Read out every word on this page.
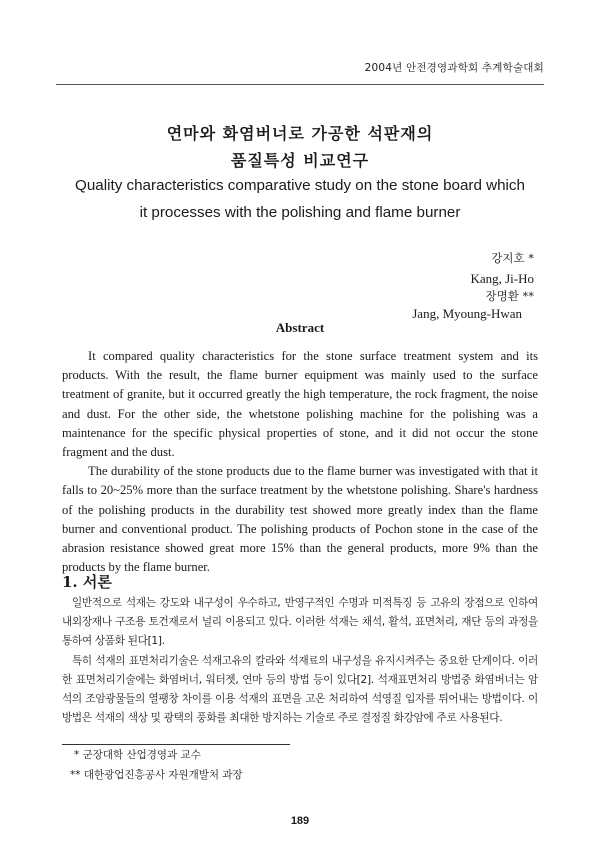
2004년 안전경영과학회 추계학술대회
연마와 화염버너로 가공한 석판재의
품질특성 비교연구
Quality characteristics comparative study on the stone board which it processes with the polishing and flame burner
강지호 *
Kang, Ji-Ho
장명환 **
Jang, Myoung-Hwan
Abstract

It compared quality characteristics for the stone surface treatment system and its products. With the result, the flame burner equipment was mainly used to the surface treatment of granite, but it occurred greatly the high temperature, the rock fragment, the noise and dust. For the other side, the whetstone polishing machine for the polishing was a maintenance for the specific physical properties of stone, and it did not occur the stone fragment and the dust.

The durability of the stone products due to the flame burner was investigated with that it falls to 20~25% more than the surface treatment by the whetstone polishing. Share's hardness of the polishing products in the durability test showed more greatly index than the flame burner and conventional product. The polishing products of Pochon stone in the case of the abrasion resistance showed great more 15% than the general products, more 9% than the products by the flame burner.

1. 서론

일반적으로 석재는 강도와 내구성이 우수하고, 반영구적인 수명과 미적특징 등 고유의 장점으로 인하여 내외장재나 구조용 토건재로서 널리 이용되고 있다. 이러한 석재는 채석, 활석, 표면처리, 재단 등의 과정을 통하여 상품화 된다[1].

특히 석재의 표면처리기술은 석재고유의 칼라와 석재료의 내구성을 유지시켜주는 중요한 단계이다. 이러한 표면처리기술에는 화염버너, 워터젯, 연마 등의 방법 등이 있다[2]. 석재표면처리 방법중 화염버너는 암석의 조암광물들의 열팽창 차이를 이용 석재의 표면을 고온 처리하여 석영질 입자를 튀어내는 방법이다. 이 방법은 석재의 색상 및 광택의 풍화를 최대한 방지하는 기술로 주로 결정질 화강암에 주로 사용된다.

* 군장대학 산업경영과 교수
** 대한광업진흥공사 자원개발처 과장
189
